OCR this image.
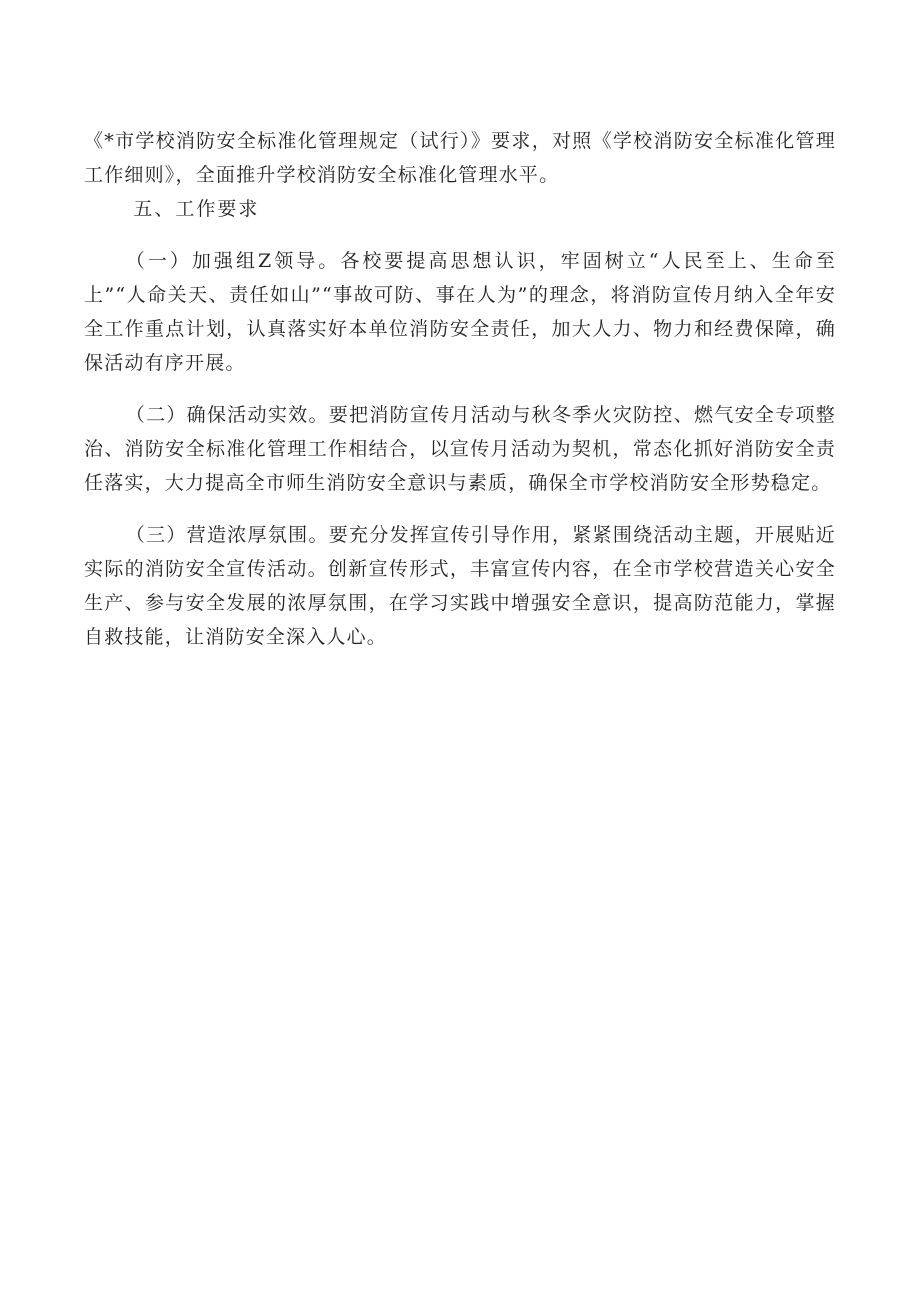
《*市学校消防安全标准化管理规定（试行）》要求，对照《学校消防安全标准化管理工作细则》，全面推升学校消防安全标准化管理水平。

五、工作要求

（一）加强组Z领导。各校要提高思想认识，牢固树立“人民至上、生命至上”“人命关天、责任如山”“事故可防、事在人为”的理念，将消防宣传月纳入全年安全工作重点计划，认真落实好本单位消防安全责任，加大人力、物力和经费保障，确保活动有序开展。

（二）确保活动实效。要把消防宣传月活动与秋冬季火灾防控、燃气安全专项整治、消防安全标准化管理工作相结合，以宣传月活动为契机，常态化抓好消防安全责任落实，大力提高全市师生消防安全意识与素质，确保全市学校消防安全形势稳定。

（三）营造浓厚氛围。要充分发挥宣传引导作用，紧紧围绕活动主题，开展贴近实际的消防安全宣传活动。创新宣传形式，丰富宣传内容，在全市学校营造关心安全生产、参与安全发展的浓厚氛围，在学习实践中增强安全意识，提高防范能力，掌握自救技能，让消防安全深入人心。
